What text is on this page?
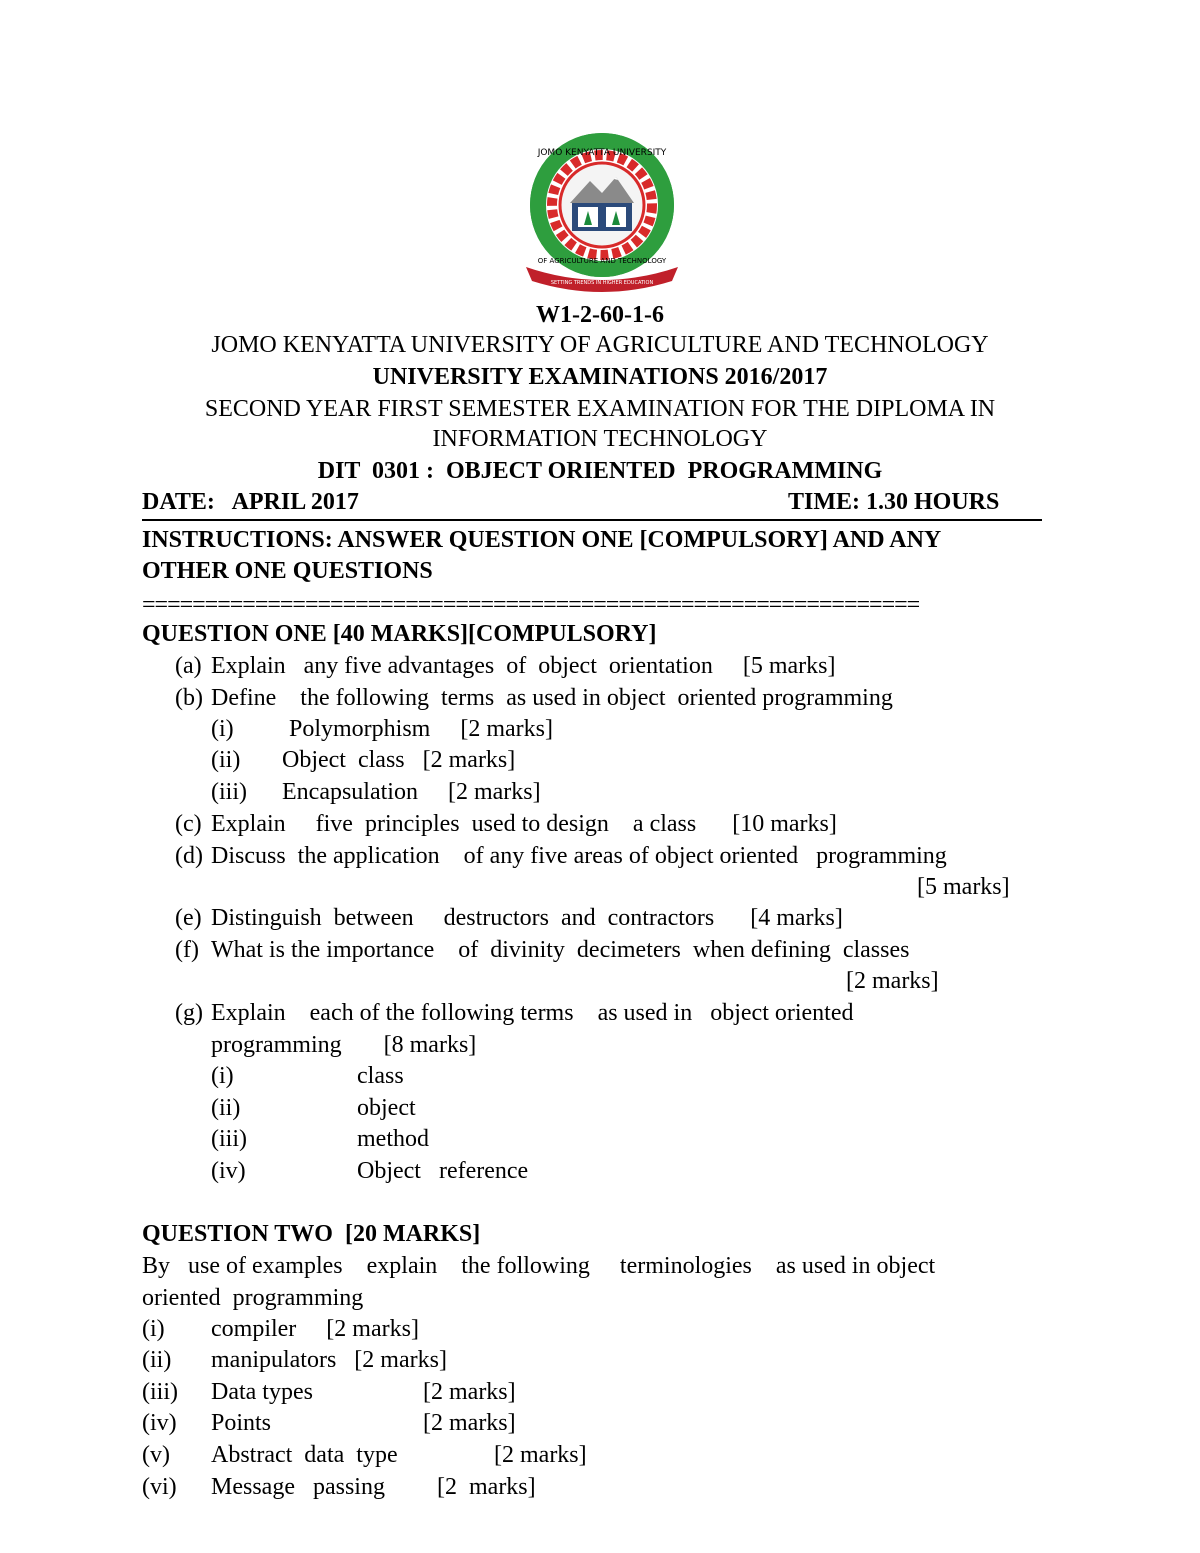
JOMO KENYATTA UNIVERSITY
OF AGRICULTURE AND TECHNOLOGY
SETTING TRENDS IN HIGHER EDUCATION
W1-2-60-1-6
JOMO KENYATTA UNIVERSITY OF AGRICULTURE AND TECHNOLOGY
UNIVERSITY EXAMINATIONS 2016/2017
SECOND YEAR FIRST SEMESTER EXAMINATION FOR THE DIPLOMA IN
INFORMATION TECHNOLOGY
DIT  0301 :  OBJECT ORIENTED  PROGRAMMING
DATE:   APRIL 2017	TIME: 1.30 HOURS
INSTRUCTIONS: ANSWER QUESTION ONE [COMPULSORY] AND ANY
OTHER ONE QUESTIONS
==============================================================
QUESTION ONE [40 MARKS][COMPULSORY]
(a) Explain   any five advantages  of  object  orientation     [5 marks]
(b) Define    the following  terms  as used in object  oriented programming
(i) Polymorphism     [2 marks]
(ii) Object  class   [2 marks]
(iii) Encapsulation     [2 marks]
(c) Explain     five  principles  used to design    a class      [10 marks]
(d) Discuss  the application    of any five areas of object oriented   programming
[5 marks]
(e) Distinguish  between     destructors  and  contractors      [4 marks]
(f) What is the importance    of  divinity  decimeters  when defining  classes
[2 marks]
(g) Explain    each of the following terms    as used in   object oriented
programming       [8 marks]
(i)	class
(ii)	object
(iii)	method
(iv)	Object   reference
QUESTION TWO  [20 MARKS]
By   use of examples    explain    the following     terminologies    as used in object
oriented  programming
(i) compiler     [2 marks]
(ii) manipulators   [2 marks]
(iii) Data types	[2 marks]
(iv) Points	[2 marks]
(v) Abstract  data  type	[2 marks]
(vi) Message   passing [2  marks]
